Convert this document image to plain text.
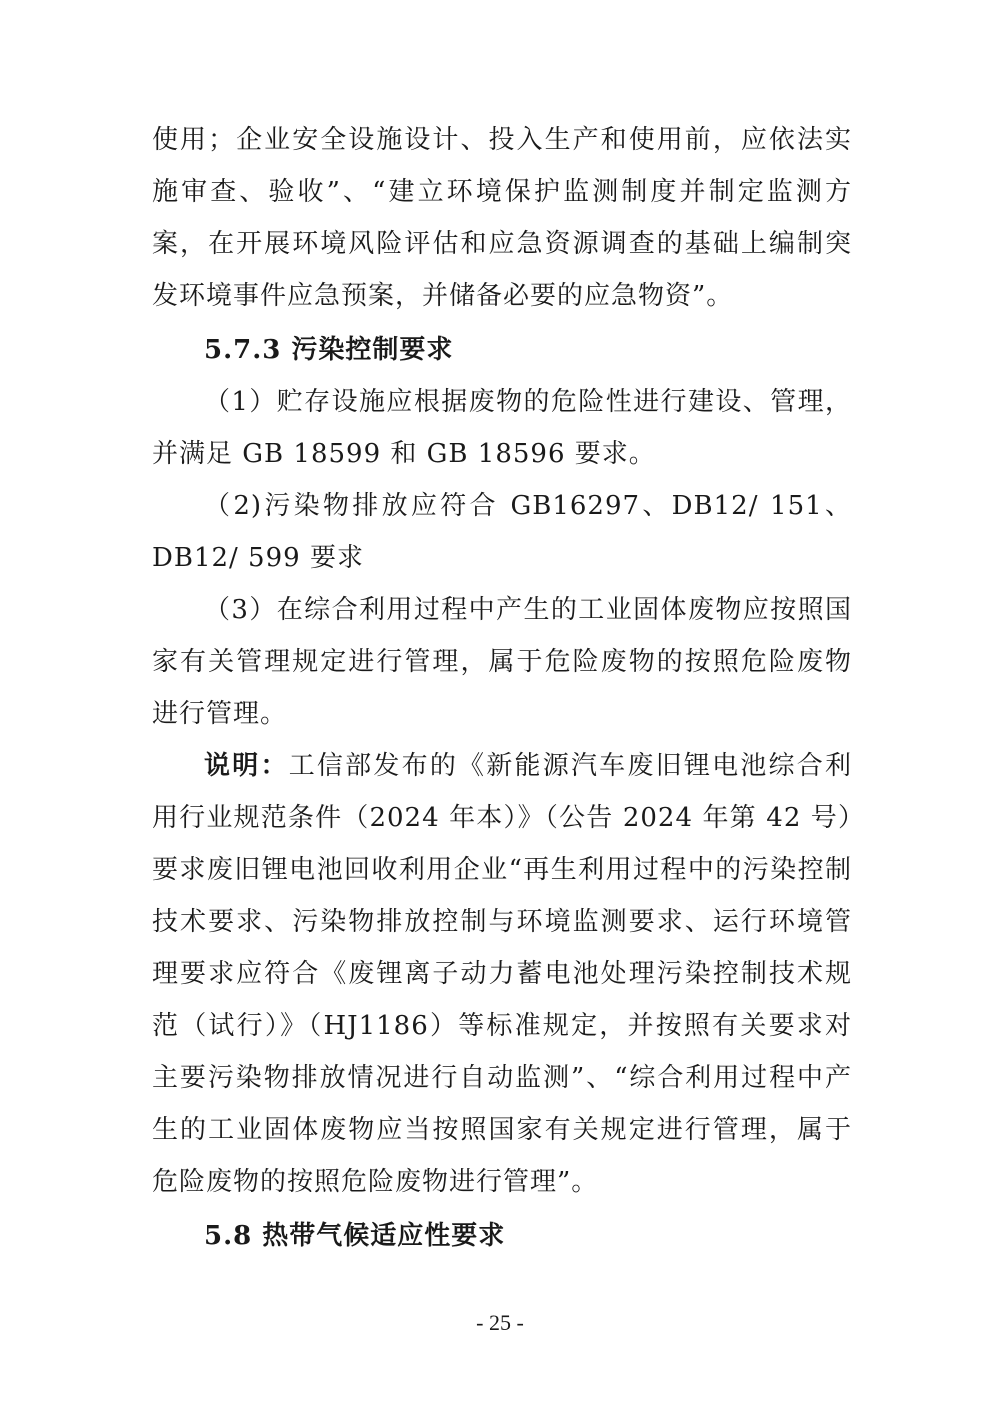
使用；企业安全设施设计、投入生产和使用前，应依法实施审查、验收”、“建立环境保护监测制度并制定监测方案，在开展环境风险评估和应急资源调查的基础上编制突发环境事件应急预案，并储备必要的应急物资”。

5.7.3 污染控制要求

（1）贮存设施应根据废物的危险性进行建设、管理，并满足 GB 18599 和 GB 18596 要求。

（2)污染物排放应符合 GB16297、DB12/ 151、DB12/ 599 要求

（3）在综合利用过程中产生的工业固体废物应按照国家有关管理规定进行管理，属于危险废物的按照危险废物进行管理。

说明：工信部发布的《新能源汽车废旧锂电池综合利用行业规范条件（2024 年本）》（公告 2024 年第 42 号）要求废旧锂电池回收利用企业“再生利用过程中的污染控制技术要求、污染物排放控制与环境监测要求、运行环境管理要求应符合《废锂离子动力蓄电池处理污染控制技术规范（试行）》（HJ1186）等标准规定，并按照有关要求对主要污染物排放情况进行自动监测”、“综合利用过程中产生的工业固体废物应当按照国家有关规定进行管理，属于危险废物的按照危险废物进行管理”。

5.8 热带气候适应性要求

- 25 -
